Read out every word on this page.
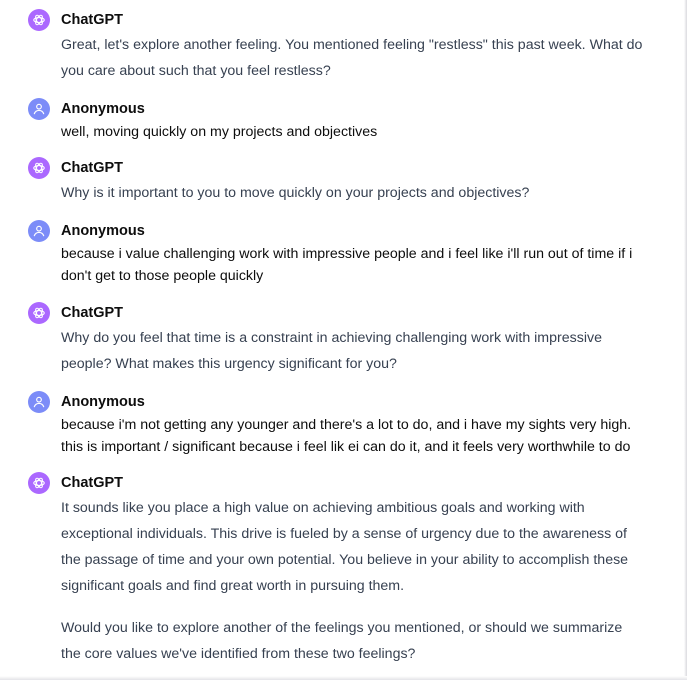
ChatGPT

Great, let's explore another feeling. You mentioned feeling "restless" this past week. What do

you care about such that you feel restless?

Anonymous

well, moving quickly on my projects and objectives

ChatGPT

Why is it important to you to move quickly on your projects and objectives?

Anonymous

because i value challenging work with impressive people and i feel like i'll run out of time if i

don't get to those people quickly

ChatGPT

Why do you feel that time is a constraint in achieving challenging work with impressive

people? What makes this urgency significant for you?

Anonymous

because i'm not getting any younger and there's a lot to do, and i have my sights very high.

this is important / significant because i feel lik ei can do it, and it feels very worthwhile to do

ChatGPT

It sounds like you place a high value on achieving ambitious goals and working with

exceptional individuals. This drive is fueled by a sense of urgency due to the awareness of

the passage of time and your own potential. You believe in your ability to accomplish these

significant goals and find great worth in pursuing them.

Would you like to explore another of the feelings you mentioned, or should we summarize

the core values we've identified from these two feelings?
